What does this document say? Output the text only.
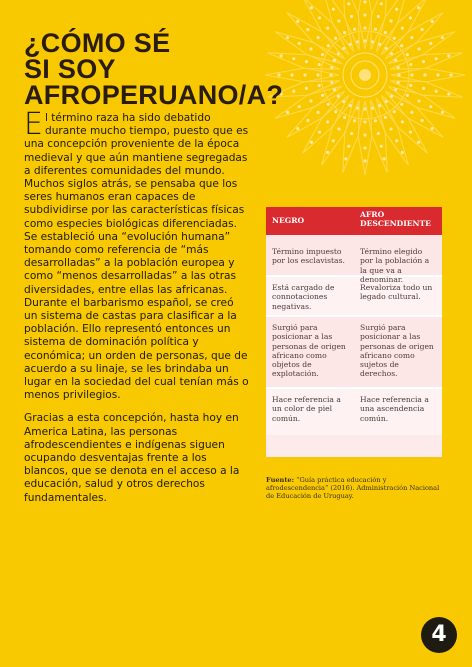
¿CÓMO SÉ
SI SOY
AFROPERUANO/A?

El término raza ha sido debatido durante mucho tiempo, puesto que es una concepción proveniente de la época medieval y que aún mantiene segregadas a diferentes comunidades del mundo. Muchos siglos atrás, se pensaba que los seres humanos eran capaces de subdividirse por las características físicas como especies biológicas diferenciadas. Se estableció una “evolución humana” tomando como referencia de “más desarrolladas” a la población europea y como “menos desarrolladas” a las otras diversidades, entre ellas las africanas. Durante el barbarismo español, se creó un sistema de castas para clasificar a la población. Ello representó entonces un sistema de dominación política y económica; un orden de personas, que de acuerdo a su linaje, se les brindaba un lugar en la sociedad del cual tenían más o menos privilegios.

Gracias a esta concepción, hasta hoy en America Latina, las personas afrodescendientes e indígenas siguen ocupando desventajas frente a los blancos, que se denota en el acceso a la educación, salud y otros derechos fundamentales.

NEGRO
AFRO DESCENDIENTE
Término impuesto por los esclavistas.
Término elegido por la población a la que va a denominar.
Está cargado de connotaciones negativas.
Revaloriza todo un legado cultural.
Surgió para posicionar a las personas de origen africano como objetos de explotación.
Surgió para posicionar a las personas de origen africano como sujetos de derechos.
Hace referencia a un color de piel común.
Hace referencia a una ascendencia común.

Fuente: “Guía práctica educación y afrodescendencia” (2016). Administración Nacional de Educación de Uruguay.

4
